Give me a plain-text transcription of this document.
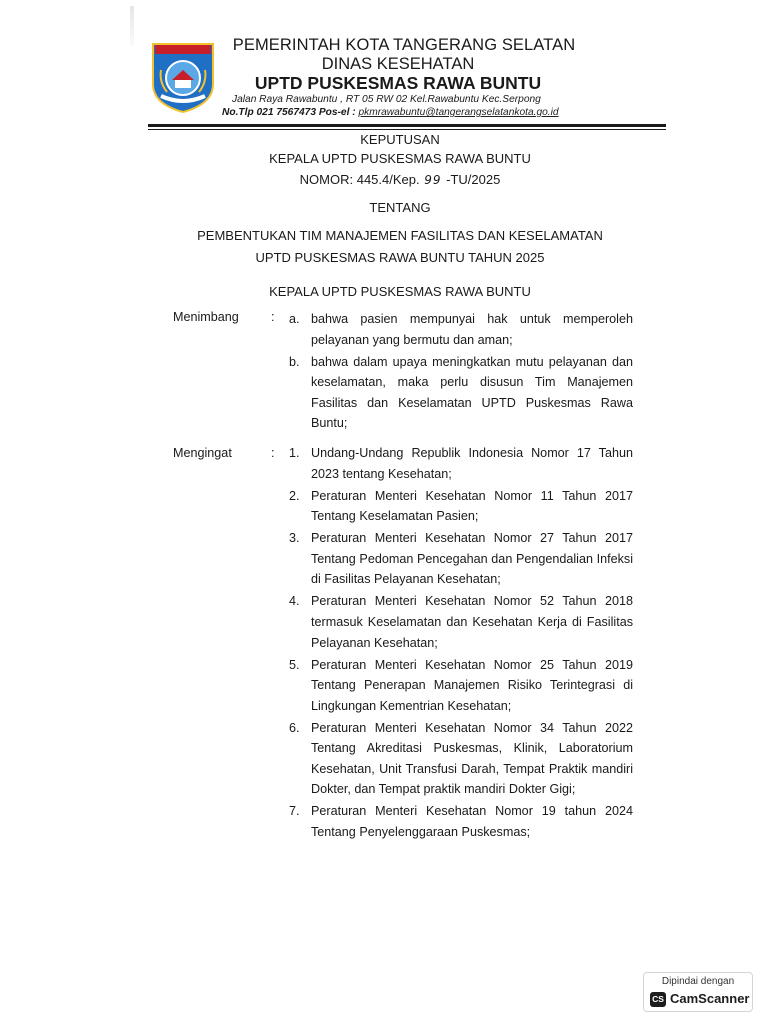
PEMERINTAH KOTA TANGERANG SELATAN
DINAS KESEHATAN
UPTD PUSKESMAS RAWA BUNTU
Jalan Raya Rawabuntu , RT 05 RW 02 Kel.Rawabuntu Kec.Serpong
No.Tlp 021 7567473 Pos-el : pkmrawabuntu@tangerangselatankota.go.id
KEPUTUSAN
KEPALA UPTD PUSKESMAS RAWA BUNTU
NOMOR: 445.4/Kep. 99 -TU/2025
TENTANG
PEMBENTUKAN TIM MANAJEMEN FASILITAS DAN KESELAMATAN
UPTD PUSKESMAS RAWA BUNTU TAHUN 2025
KEPALA UPTD PUSKESMAS RAWA BUNTU
Menimbang	: a. bahwa pasien mempunyai hak untuk memperoleh pelayanan yang bermutu dan aman;
b. bahwa dalam upaya meningkatkan mutu pelayanan dan keselamatan, maka perlu disusun Tim Manajemen Fasilitas dan Keselamatan UPTD Puskesmas Rawa Buntu;
Mengingat	: 1. Undang-Undang Republik Indonesia Nomor 17 Tahun 2023 tentang Kesehatan;
2. Peraturan Menteri Kesehatan Nomor 11 Tahun 2017 Tentang Keselamatan Pasien;
3. Peraturan Menteri Kesehatan Nomor 27 Tahun 2017 Tentang Pedoman Pencegahan dan Pengendalian Infeksi di Fasilitas Pelayanan Kesehatan;
4. Peraturan Menteri Kesehatan Nomor 52 Tahun 2018 termasuk Keselamatan dan Kesehatan Kerja di Fasilitas Pelayanan Kesehatan;
5. Peraturan Menteri Kesehatan Nomor 25 Tahun 2019 Tentang Penerapan Manajemen Risiko Terintegrasi di Lingkungan Kementrian Kesehatan;
6. Peraturan Menteri Kesehatan Nomor 34 Tahun 2022 Tentang Akreditasi Puskesmas, Klinik, Laboratorium Kesehatan, Unit Transfusi Darah, Tempat Praktik mandiri Dokter, dan Tempat praktik mandiri Dokter Gigi;
7. Peraturan Menteri Kesehatan Nomor 19 tahun 2024 Tentang Penyelenggaraan Puskesmas;
Dipindai dengan
CS CamScanner
